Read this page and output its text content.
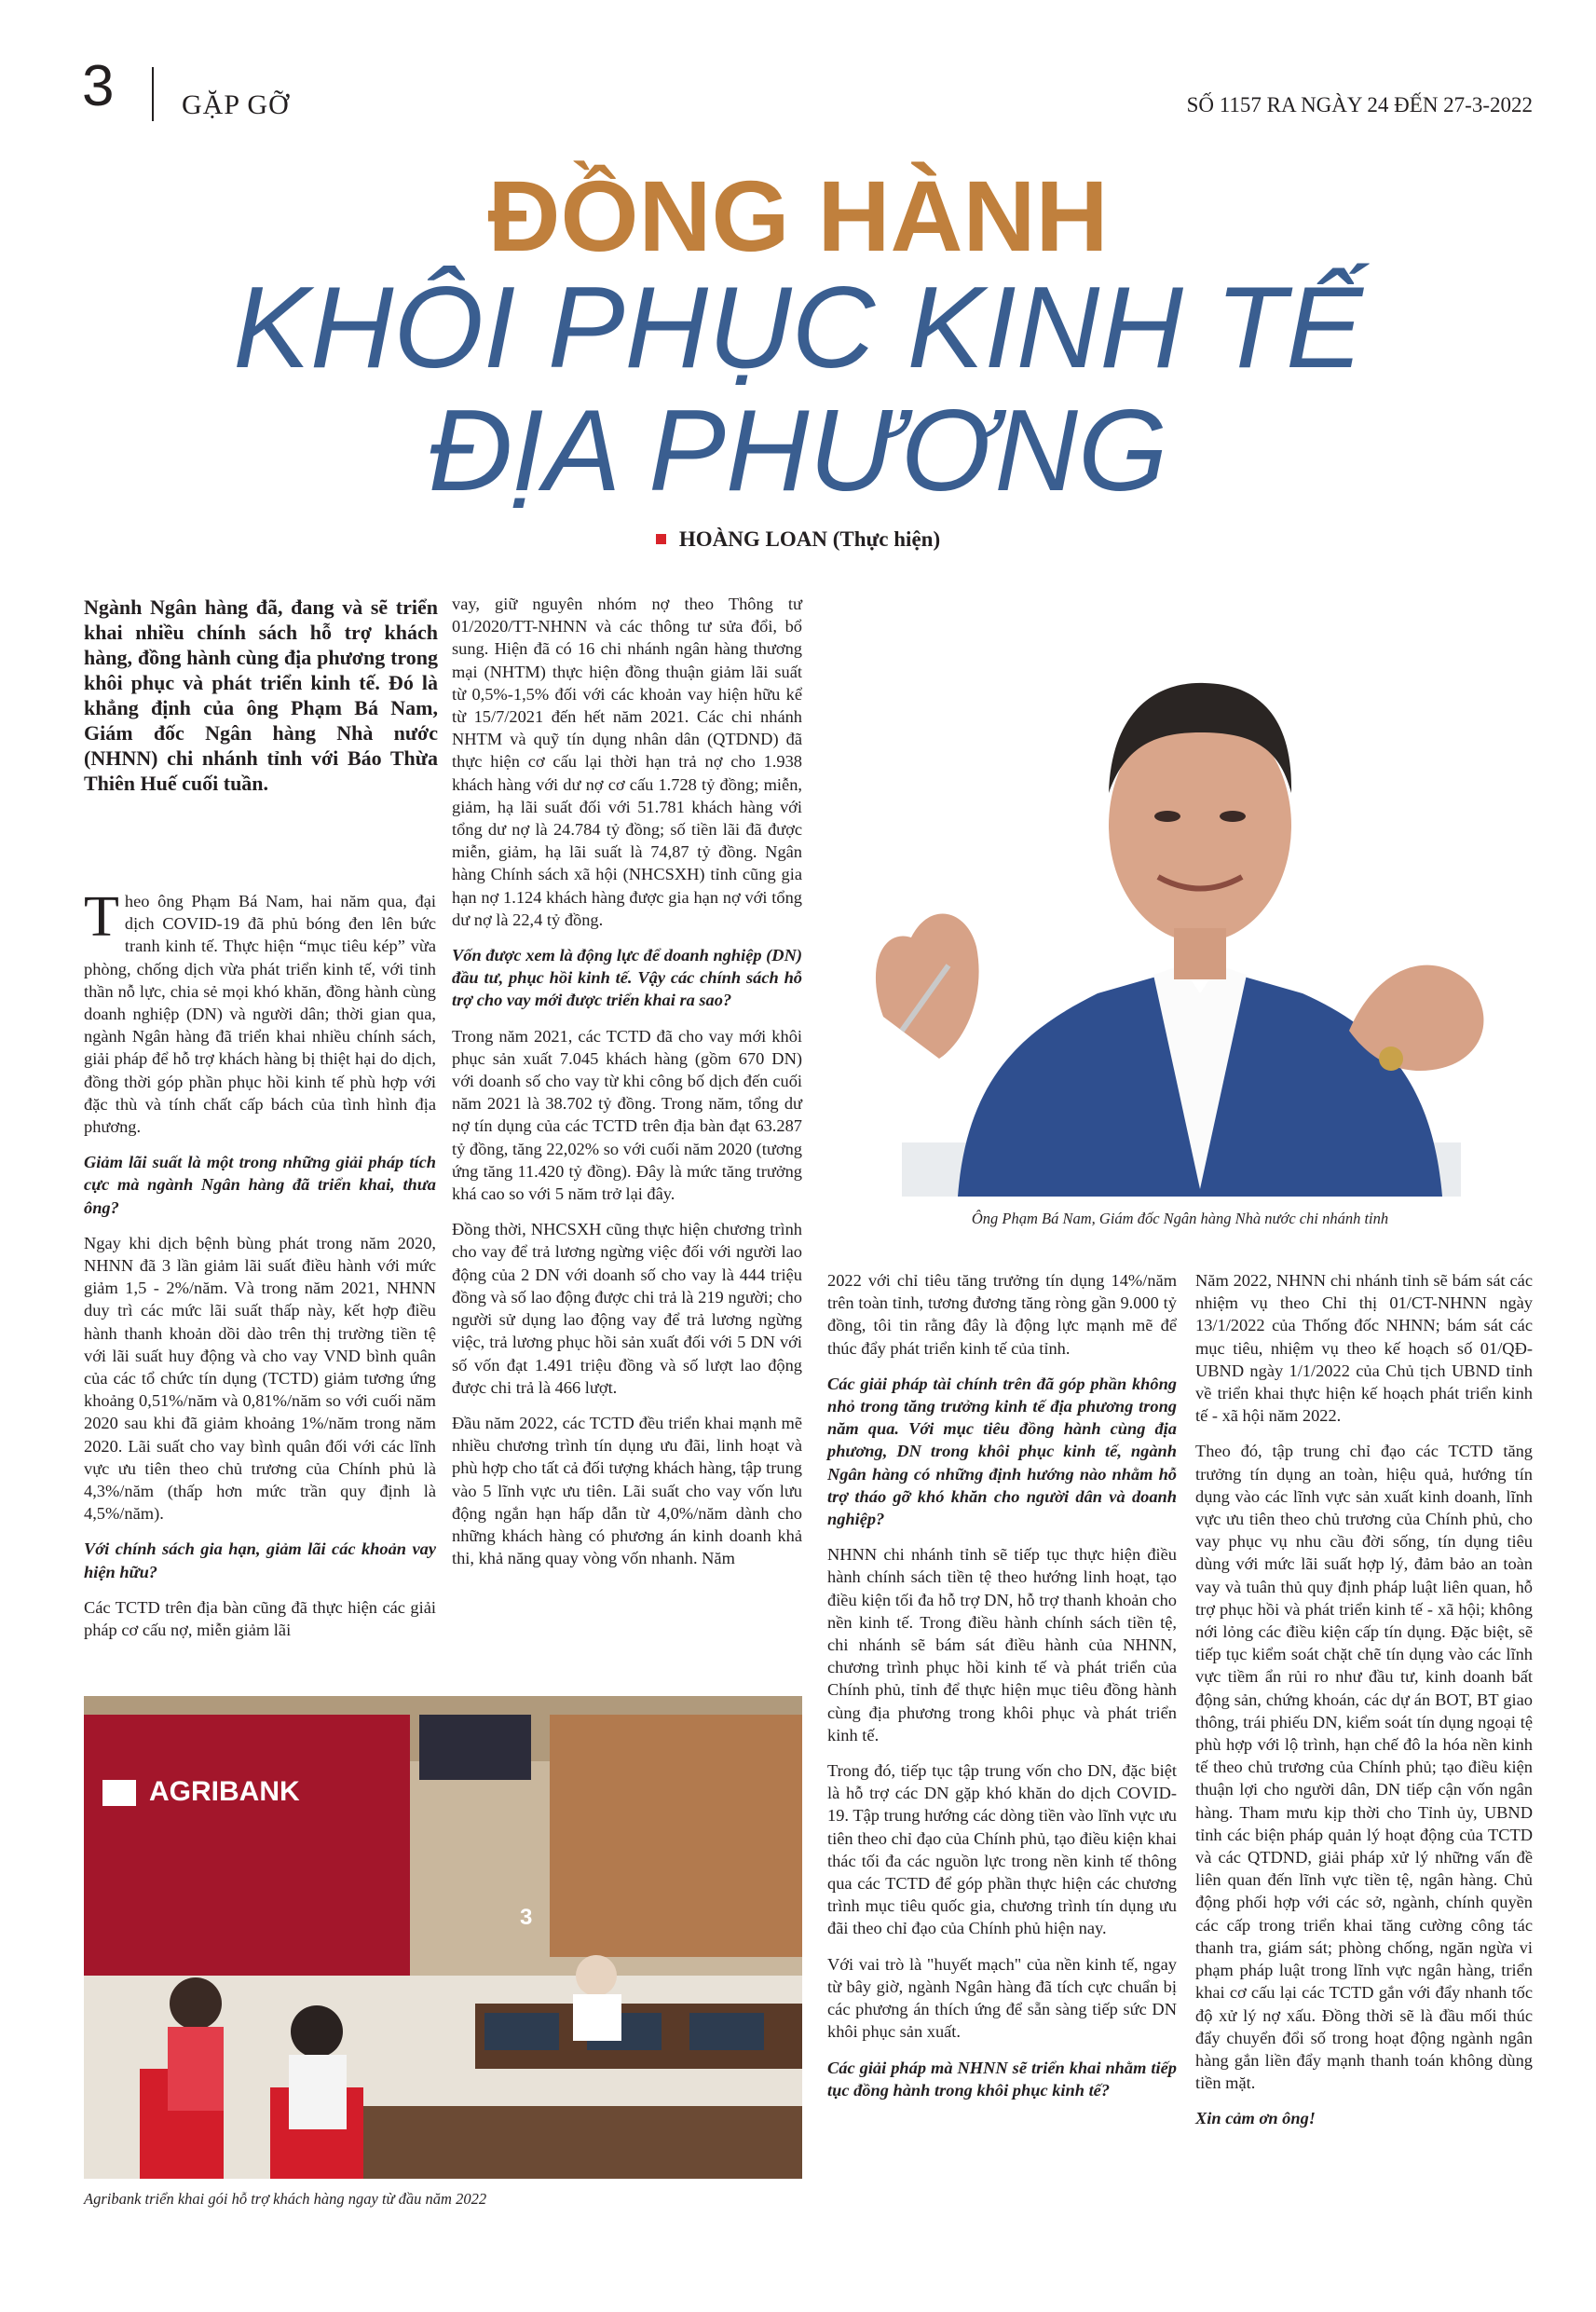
3 GẶP GỠ	SỐ 1157 RA NGÀY 24 ĐẾN 27-3-2022
ĐỒNG HÀNH
KHÔI PHỤC KINH TẾ
ĐỊA PHƯƠNG
HOÀNG LOAN (Thực hiện)
Ngành Ngân hàng đã, đang và sẽ triển khai nhiều chính sách hỗ trợ khách hàng, đồng hành cùng địa phương trong khôi phục và phát triển kinh tế. Đó là khẳng định của ông Phạm Bá Nam, Giám đốc Ngân hàng Nhà nước (NHNN) chi nhánh tỉnh với Báo Thừa Thiên Huế cuối tuần.

Theo ông Phạm Bá Nam, hai năm qua, đại dịch COVID-19 đã phủ bóng đen lên bức tranh kinh tế. Thực hiện “mục tiêu kép” vừa phòng, chống dịch vừa phát triển kinh tế, với tinh thần nỗ lực, chia sẻ mọi khó khăn, đồng hành cùng doanh nghiệp (DN) và người dân; thời gian qua, ngành Ngân hàng đã triển khai nhiều chính sách, giải pháp để hỗ trợ khách hàng bị thiệt hại do dịch, đồng thời góp phần phục hồi kinh tế phù hợp với đặc thù và tính chất cấp bách của tình hình địa phương.

Giảm lãi suất là một trong những giải pháp tích cực mà ngành Ngân hàng đã triển khai, thưa ông?

Ngay khi dịch bệnh bùng phát trong năm 2020, NHNN đã 3 lần giảm lãi suất điều hành với mức giảm 1,5 - 2%/năm. Và trong năm 2021, NHNN duy trì các mức lãi suất thấp này, kết hợp điều hành thanh khoản dồi dào trên thị trường tiền tệ với lãi suất huy động và cho vay VND bình quân của các tổ chức tín dụng (TCTD) giảm tương ứng khoảng 0,51%/năm và 0,81%/năm so với cuối năm 2020 sau khi đã giảm khoảng 1%/năm trong năm 2020. Lãi suất cho vay bình quân đối với các lĩnh vực ưu tiên theo chủ trương của Chính phủ là 4,3%/năm (thấp hơn mức trần quy định là 4,5%/năm).

Với chính sách gia hạn, giảm lãi các khoản vay hiện hữu?

Các TCTD trên địa bàn cũng đã thực hiện các giải pháp cơ cấu nợ, miễn giảm lãi

vay, giữ nguyên nhóm nợ theo Thông tư 01/2020/TT-NHNN và các thông tư sửa đổi, bổ sung. Hiện đã có 16 chi nhánh ngân hàng thương mại (NHTM) thực hiện đồng thuận giảm lãi suất từ 0,5%-1,5% đối với các khoản vay hiện hữu kể từ 15/7/2021 đến hết năm 2021. Các chi nhánh NHTM và quỹ tín dụng nhân dân (QTDND) đã thực hiện cơ cấu lại thời hạn trả nợ cho 1.938 khách hàng với dư nợ cơ cấu 1.728 tỷ đồng; miễn, giảm, hạ lãi suất đối với 51.781 khách hàng với tổng dư nợ là 24.784 tỷ đồng; số tiền lãi đã được miễn, giảm, hạ lãi suất là 74,87 tỷ đồng. Ngân hàng Chính sách xã hội (NHCSXH) tỉnh cũng gia hạn nợ 1.124 khách hàng được gia hạn nợ với tổng dư nợ là 22,4 tỷ đồng.

Vốn được xem là động lực để doanh nghiệp (DN) đầu tư, phục hồi kinh tế. Vậy các chính sách hỗ trợ cho vay mới được triển khai ra sao?

Trong năm 2021, các TCTD đã cho vay mới khôi phục sản xuất 7.045 khách hàng (gồm 670 DN) với doanh số cho vay từ khi công bố dịch đến cuối năm 2021 là 38.702 tỷ đồng. Trong năm, tổng dư nợ tín dụng của các TCTD trên địa bàn đạt 63.287 tỷ đồng, tăng 22,02% so với cuối năm 2020 (tương ứng tăng 11.420 tỷ đồng). Đây là mức tăng trưởng khá cao so với 5 năm trở lại đây.

Đồng thời, NHCSXH cũng thực hiện chương trình cho vay để trả lương ngừng việc đối với người lao động của 2 DN với doanh số cho vay là 444 triệu đồng và số lao động được chi trả là 219 người; cho người sử dụng lao động vay để trả lương ngừng việc, trả lương phục hồi sản xuất đối với 5 DN với số vốn đạt 1.491 triệu đồng và số lượt lao động được chi trả là 466 lượt.

Đầu năm 2022, các TCTD đều triển khai mạnh mẽ nhiều chương trình tín dụng ưu đãi, linh hoạt và phù hợp cho tất cả đối tượng khách hàng, tập trung vào 5 lĩnh vực ưu tiên. Lãi suất cho vay vốn lưu động ngắn hạn hấp dẫn từ 4,0%/năm dành cho những khách hàng có phương án kinh doanh khả thi, khả năng quay vòng vốn nhanh. Năm

Ông Phạm Bá Nam, Giám đốc Ngân hàng Nhà nước chi nhánh tỉnh

2022 với chỉ tiêu tăng trưởng tín dụng 14%/năm trên toàn tỉnh, tương đương tăng ròng gần 9.000 tỷ đồng, tôi tin rằng đây là động lực mạnh mẽ để thúc đẩy phát triển kinh tế của tỉnh.

Các giải pháp tài chính trên đã góp phần không nhỏ trong tăng trưởng kinh tế địa phương trong năm qua. Với mục tiêu đồng hành cùng địa phương, DN trong khôi phục kinh tế, ngành Ngân hàng có những định hướng nào nhằm hỗ trợ tháo gỡ khó khăn cho người dân và doanh nghiệp?

NHNN chi nhánh tỉnh sẽ tiếp tục thực hiện điều hành chính sách tiền tệ theo hướng linh hoạt, tạo điều kiện tối đa hỗ trợ DN, hỗ trợ thanh khoản cho nền kinh tế. Trong điều hành chính sách tiền tệ, chi nhánh sẽ bám sát điều hành của NHNN, chương trình phục hồi kinh tế và phát triển của Chính phủ, tỉnh để thực hiện mục tiêu đồng hành cùng địa phương trong khôi phục và phát triển kinh tế.

Trong đó, tiếp tục tập trung vốn cho DN, đặc biệt là hỗ trợ các DN gặp khó khăn do dịch COVID-19. Tập trung hướng các dòng tiền vào lĩnh vực ưu tiên theo chỉ đạo của Chính phủ, tạo điều kiện khai thác tối đa các nguồn lực trong nền kinh tế thông qua các TCTD để góp phần thực hiện các chương trình mục tiêu quốc gia, chương trình tín dụng ưu đãi theo chỉ đạo của Chính phủ hiện nay.

Với vai trò là "huyết mạch" của nền kinh tế, ngay từ bây giờ, ngành Ngân hàng đã tích cực chuẩn bị các phương án thích ứng để sẵn sàng tiếp sức DN khôi phục sản xuất.

Các giải pháp mà NHNN sẽ triển khai nhằm tiếp tục đồng hành trong khôi phục kinh tế?

Năm 2022, NHNN chi nhánh tỉnh sẽ bám sát các nhiệm vụ theo Chỉ thị 01/CT-NHNN ngày 13/1/2022 của Thống đốc NHNN; bám sát các mục tiêu, nhiệm vụ theo kế hoạch số 01/QĐ-UBND ngày 1/1/2022 của Chủ tịch UBND tỉnh về triển khai thực hiện kế hoạch phát triển kinh tế - xã hội năm 2022.

Theo đó, tập trung chỉ đạo các TCTD tăng trưởng tín dụng an toàn, hiệu quả, hướng tín dụng vào các lĩnh vực sản xuất kinh doanh, lĩnh vực ưu tiên theo chủ trương của Chính phủ, cho vay phục vụ nhu cầu đời sống, tín dụng tiêu dùng với mức lãi suất hợp lý, đảm bảo an toàn vay và tuân thủ quy định pháp luật liên quan, hỗ trợ phục hồi và phát triển kinh tế - xã hội; không nới lỏng các điều kiện cấp tín dụng. Đặc biệt, sẽ tiếp tục kiểm soát chặt chẽ tín dụng vào các lĩnh vực tiềm ẩn rủi ro như đầu tư, kinh doanh bất động sản, chứng khoán, các dự án BOT, BT giao thông, trái phiếu DN, kiểm soát tín dụng ngoại tệ phù hợp với lộ trình, hạn chế đô la hóa nền kinh tế theo chủ trương của Chính phủ; tạo điều kiện thuận lợi cho người dân, DN tiếp cận vốn ngân hàng. Tham mưu kịp thời cho Tỉnh ủy, UBND tỉnh các biện pháp quản lý hoạt động của TCTD và các QTDND, giải pháp xử lý những vấn đề liên quan đến lĩnh vực tiền tệ, ngân hàng. Chủ động phối hợp với các sở, ngành, chính quyền các cấp trong triển khai tăng cường công tác thanh tra, giám sát; phòng chống, ngăn ngừa vi phạm pháp luật trong lĩnh vực ngân hàng, triển khai cơ cấu lại các TCTD gắn với đẩy nhanh tốc độ xử lý nợ xấu. Đồng thời sẽ là đầu mối thúc đẩy chuyển đổi số trong hoạt động ngành ngân hàng gắn liền đẩy mạnh thanh toán không dùng tiền mặt.

Xin cảm ơn ông!

AGRIBANK
3
Agribank triển khai gói hỗ trợ khách hàng ngay từ đầu năm 2022
